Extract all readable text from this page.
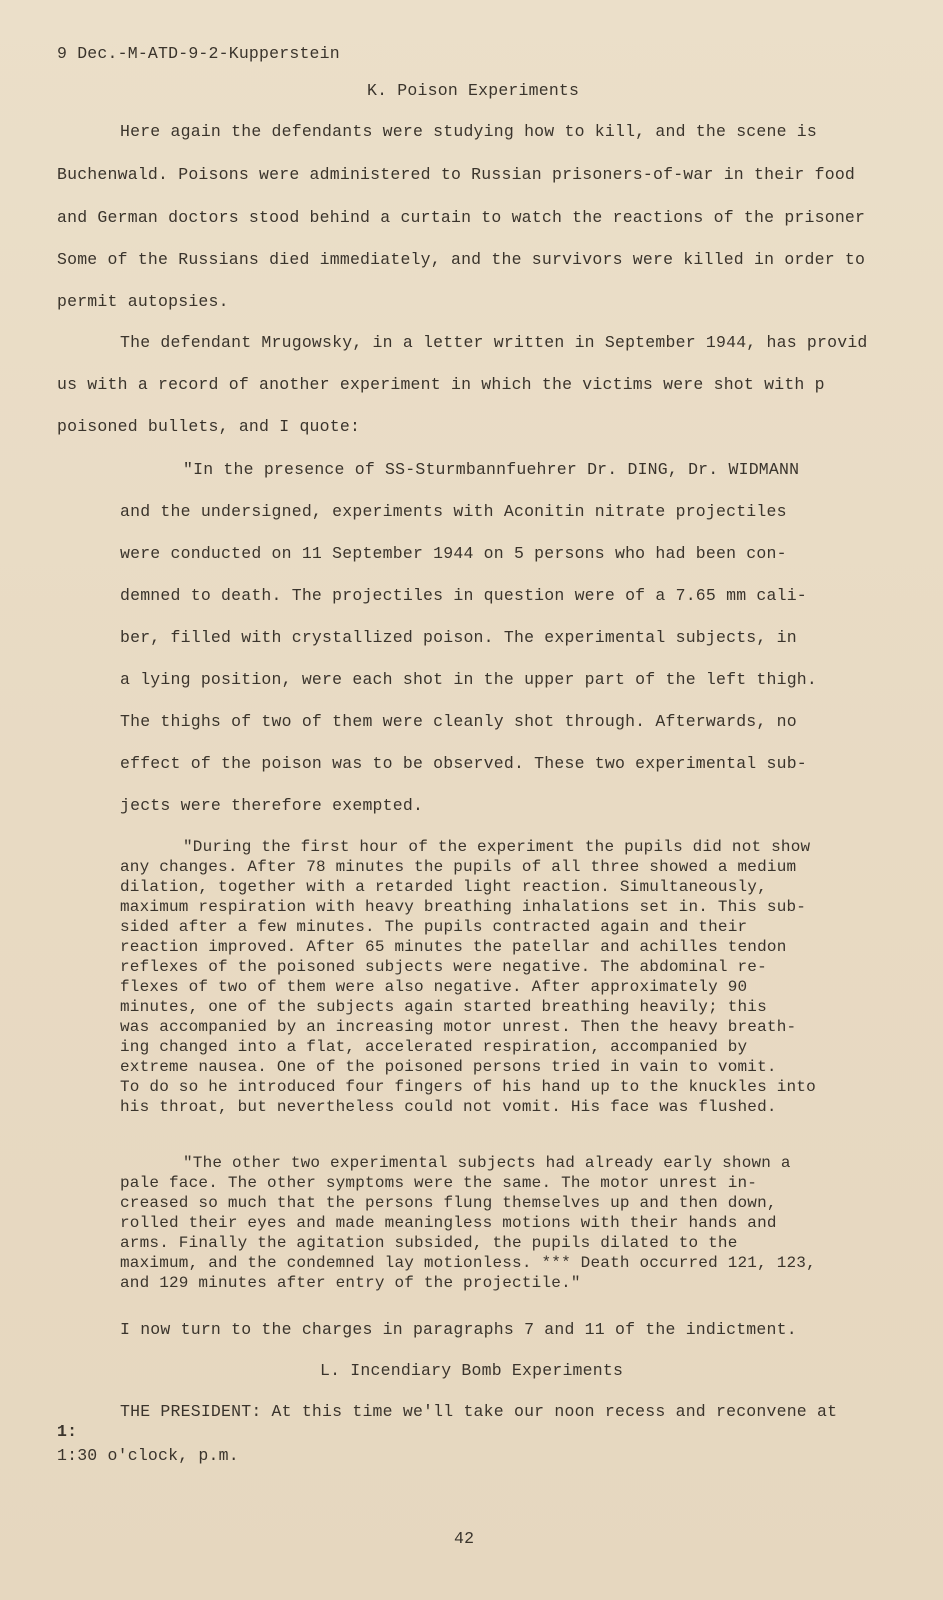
9 Dec.-M-ATD-9-2-Kupperstein
K. Poison Experiments
Here again the defendants were studying how to kill, and the scene is
Buchenwald. Poisons were administered to Russian prisoners-of-war in their food
and German doctors stood behind a curtain to watch the reactions of the prisoner
Some of the Russians died immediately, and the survivors were killed in order to
permit autopsies.
The defendant Mrugowsky, in a letter written in September 1944, has provid
us with a record of another experiment in which the victims were shot with p
poisoned bullets, and I quote:
"In the presence of SS-Sturmbannfuehrer Dr. DING, Dr. WIDMANN
and the undersigned, experiments with Aconitin nitrate projectiles
were conducted on 11 September 1944 on 5 persons who had been con-
demned to death. The projectiles in question were of a 7.65 mm cali-
ber, filled with crystallized poison. The experimental subjects, in
a lying position, were each shot in the upper part of the left thigh.
The thighs of two of them were cleanly shot through. Afterwards, no
effect of the poison was to be observed. These two experimental sub-
jects were therefore exempted.
"During the first hour of the experiment the pupils did not show
any changes. After 78 minutes the pupils of all three showed a medium
dilation, together with a retarded light reaction. Simultaneously,
maximum respiration with heavy breathing inhalations set in. This sub-
sided after a few minutes. The pupils contracted again and their
reaction improved. After 65 minutes the patellar and achilles tendon
reflexes of the poisoned subjects were negative. The abdominal re-
flexes of two of them were also negative. After approximately 90
minutes, one of the subjects again started breathing heavily; this
was accompanied by an increasing motor unrest. Then the heavy breath-
ing changed into a flat, accelerated respiration, accompanied by
extreme nausea. One of the poisoned persons tried in vain to vomit.
To do so he introduced four fingers of his hand up to the knuckles into
his throat, but nevertheless could not vomit. His face was flushed.
"The other two experimental subjects had already early shown a
pale face. The other symptoms were the same. The motor unrest in-
creased so much that the persons flung themselves up and then down,
rolled their eyes and made meaningless motions with their hands and
arms. Finally the agitation subsided, the pupils dilated to the
maximum, and the condemned lay motionless. *** Death occurred 121, 123,
and 129 minutes after entry of the projectile."
I now turn to the charges in paragraphs 7 and 11 of the indictment.
L. Incendiary Bomb Experiments
THE PRESIDENT: At this time we'll take our noon recess and reconvene at
1:
1:30 o'clock, p.m.
42
